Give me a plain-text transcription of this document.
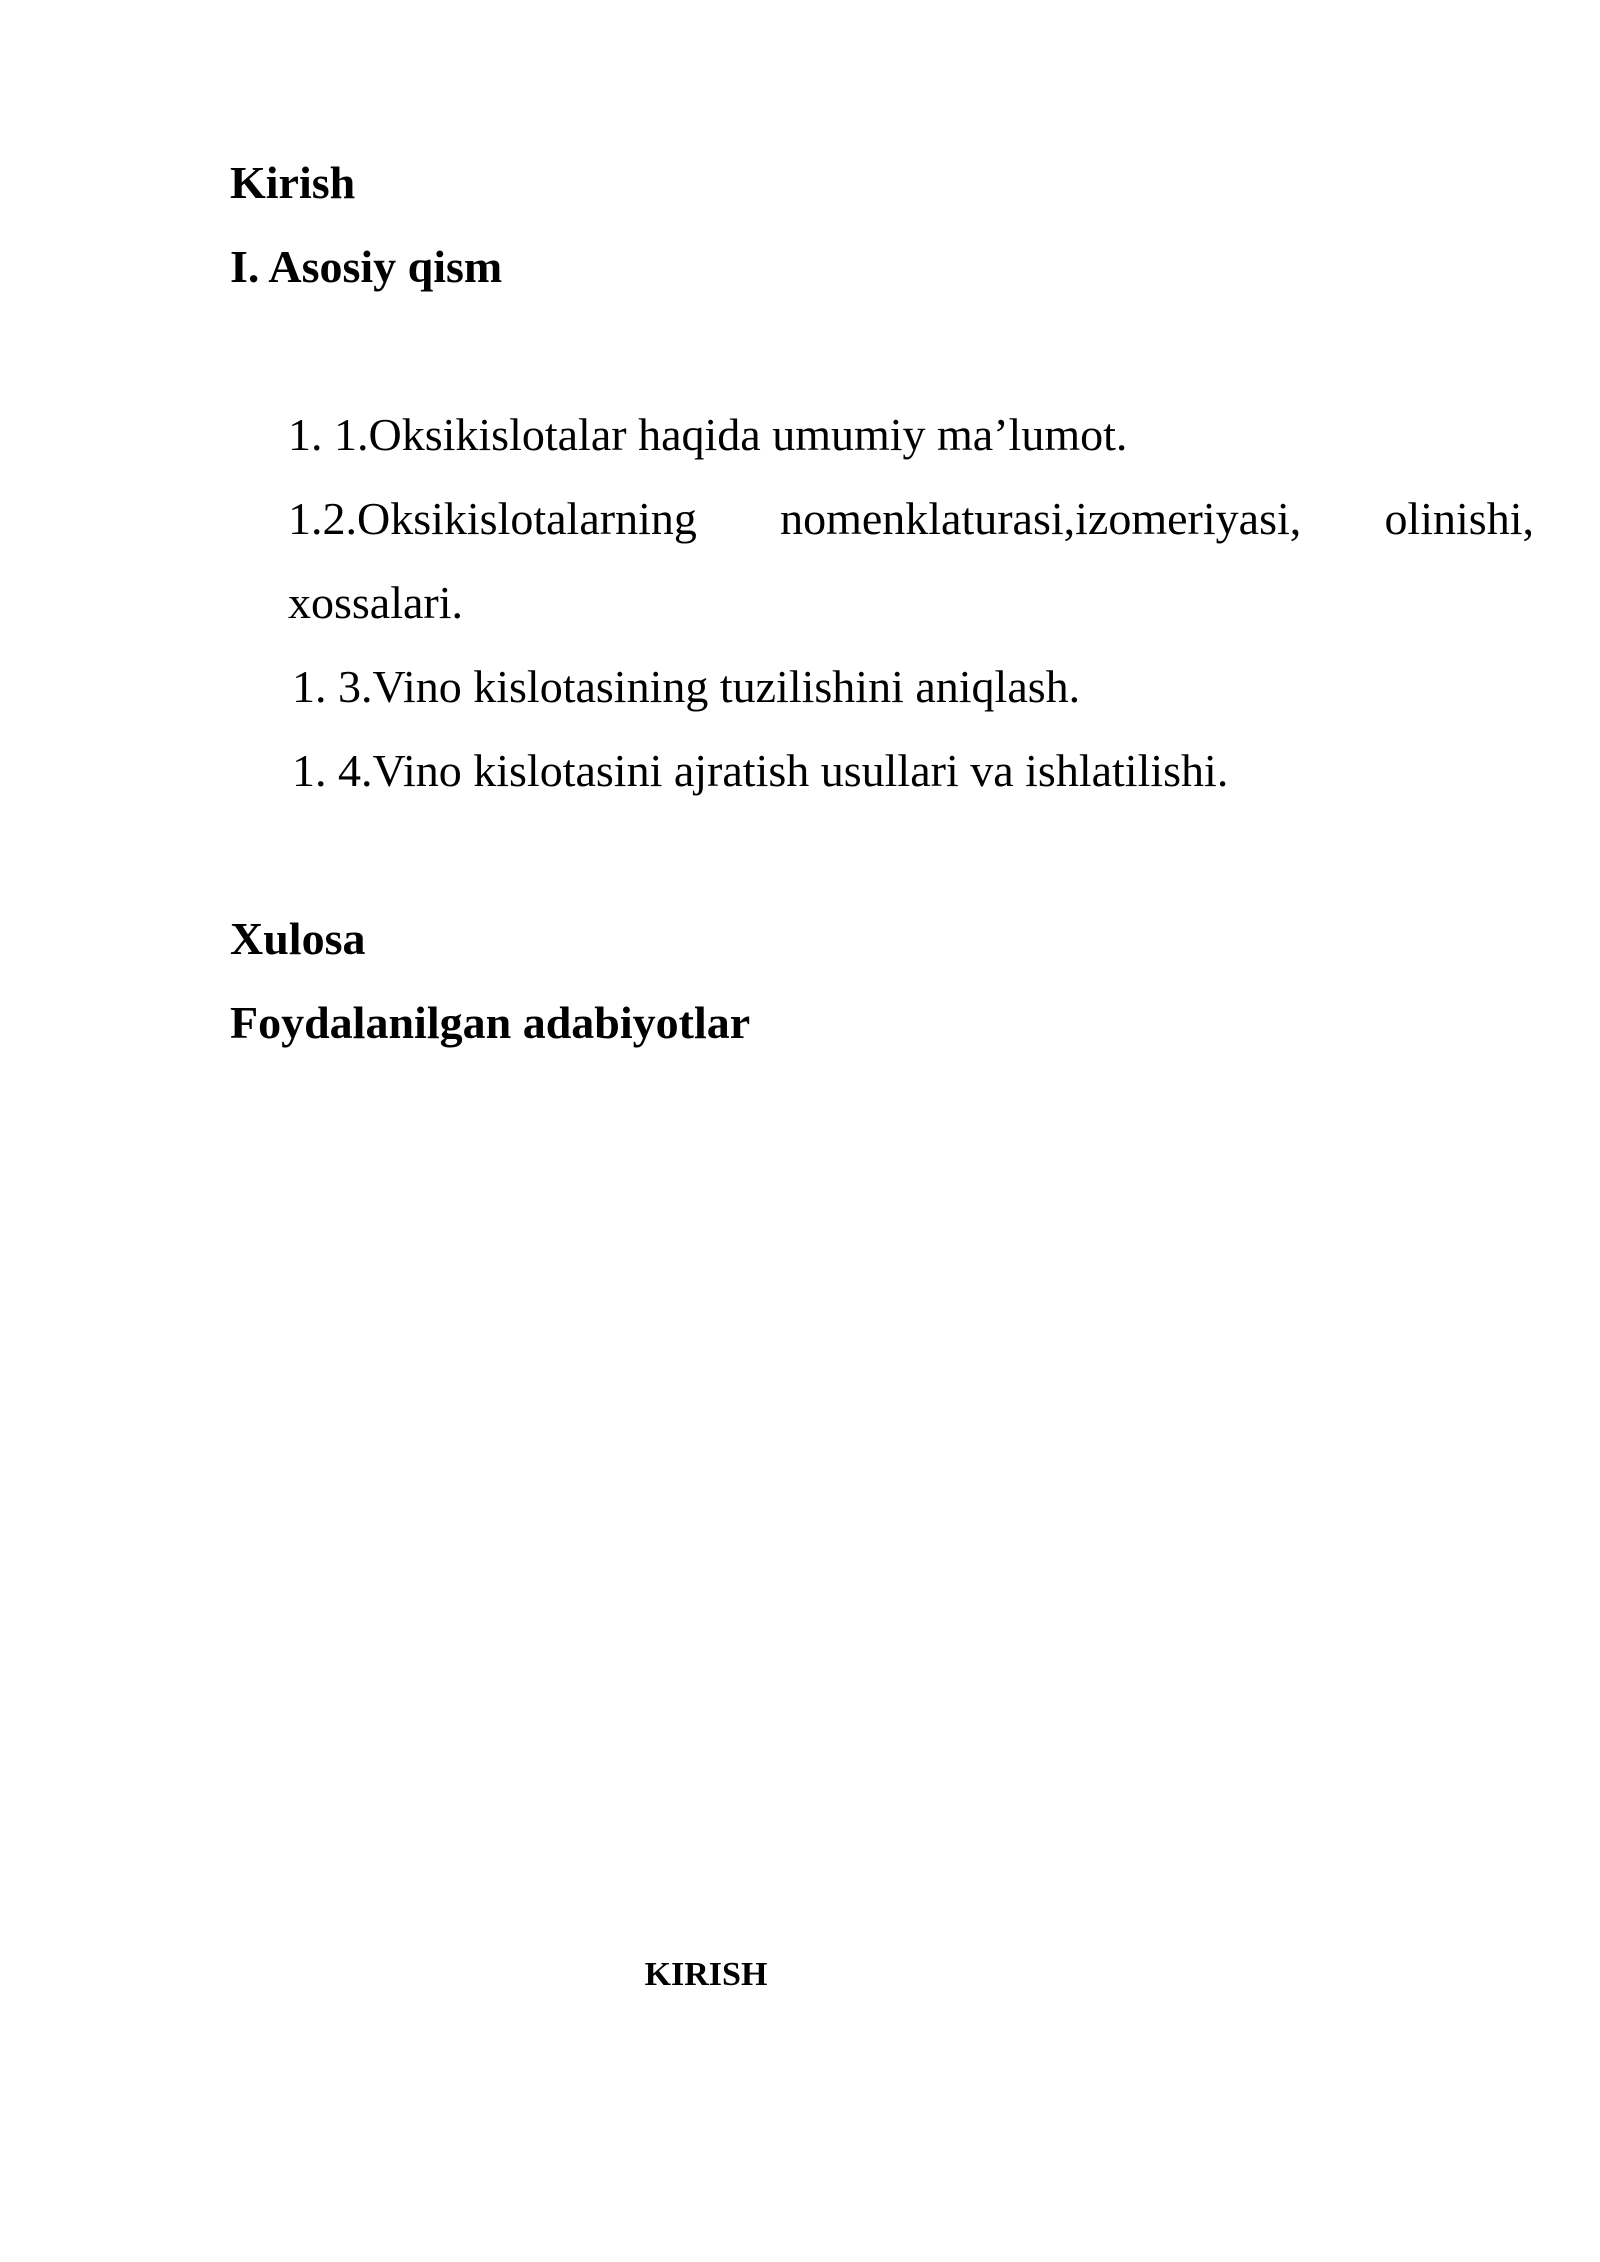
Kirish
I. Asosiy qism
1. 1.Oksikislotalar haqida umumiy ma’lumot.
1.2.Oksikislotalarning nomenklaturasi,izomeriyasi, olinishi,
xossalari.
1. 3.Vino kislotasining tuzilishini aniqlash.
1. 4.Vino kislotasini ajratish usullari va ishlatilishi.
Xulosa
Foydalanilgan adabiyotlar
KIRISH
